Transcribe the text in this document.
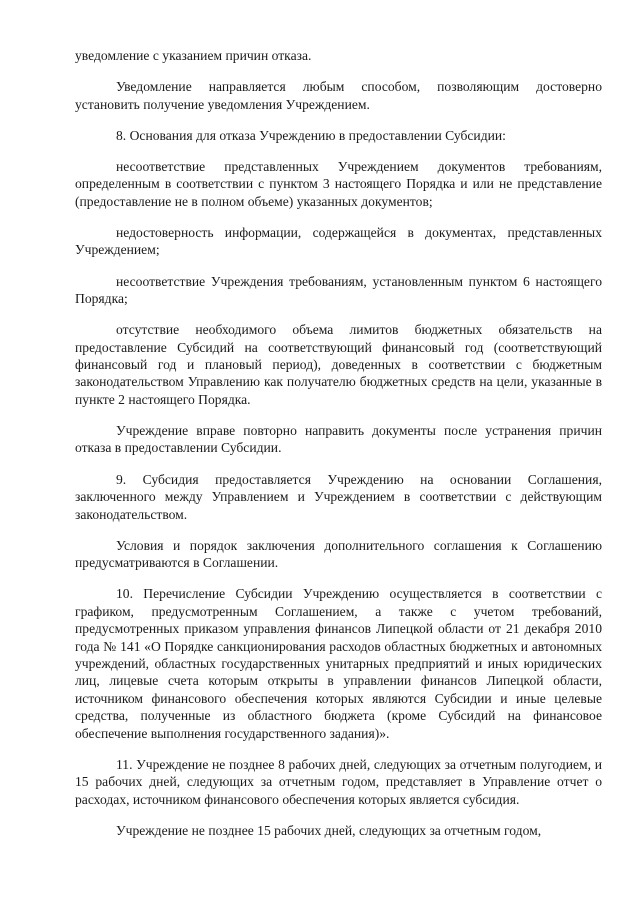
уведомление с указанием причин отказа.

Уведомление направляется любым способом, позволяющим достоверно установить получение уведомления Учреждением.

8. Основания для отказа Учреждению в предоставлении Субсидии:

несоответствие представленных Учреждением документов требованиям, определенным в соответствии с пунктом 3 настоящего Порядка и или не представление (предоставление не в полном объеме) указанных документов;

недостоверность информации, содержащейся в документах, представленных Учреждением;

несоответствие Учреждения требованиям, установленным пунктом 6 настоящего Порядка;

отсутствие необходимого объема лимитов бюджетных обязательств на предоставление Субсидий на соответствующий финансовый год (соответствующий финансовый год и плановый период), доведенных в соответствии с бюджетным законодательством Управлению как получателю бюджетных средств на цели, указанные в пункте 2 настоящего Порядка.

Учреждение вправе повторно направить документы после устранения причин отказа в предоставлении Субсидии.

9. Субсидия предоставляется Учреждению на основании Соглашения, заключенного между Управлением и Учреждением в соответствии с действующим законодательством.

Условия и порядок заключения дополнительного соглашения к Соглашению предусматриваются в Соглашении.

10. Перечисление Субсидии Учреждению осуществляется в соответствии с графиком, предусмотренным Соглашением, а также с учетом требований, предусмотренных приказом управления финансов Липецкой области от 21 декабря 2010 года № 141 «О Порядке санкционирования расходов областных бюджетных и автономных учреждений, областных государственных унитарных предприятий и иных юридических лиц, лицевые счета которым открыты в управлении финансов Липецкой области, источником финансового обеспечения которых являются Субсидии и иные целевые средства, полученные из областного бюджета (кроме Субсидий на финансовое обеспечение выполнения государственного задания)».

11. Учреждение не позднее 8 рабочих дней, следующих за отчетным полугодием, и 15 рабочих дней, следующих за отчетным годом, представляет в Управление отчет о расходах, источником финансового обеспечения которых является субсидия.

Учреждение не позднее 15 рабочих дней, следующих за отчетным годом,
